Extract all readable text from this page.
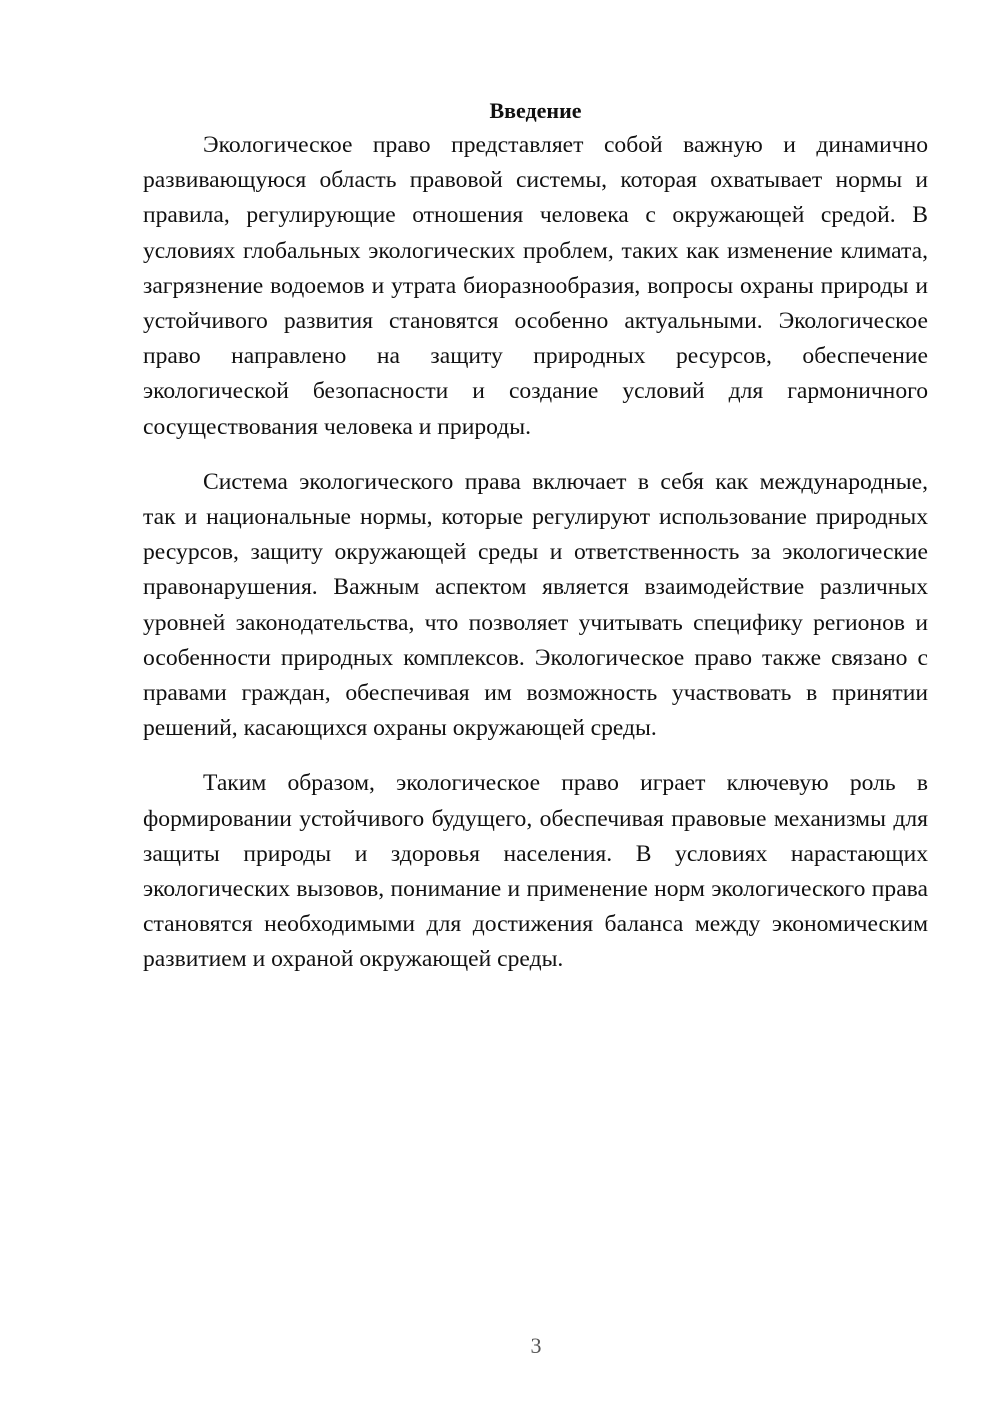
Введение

Экологическое право представляет собой важную и динамично развивающуюся область правовой системы, которая охватывает нормы и правила, регулирующие отношения человека с окружающей средой. В условиях глобальных экологических проблем, таких как изменение климата, загрязнение водоемов и утрата биоразнообразия, вопросы охраны природы и устойчивого развития становятся особенно актуальными. Экологическое право направлено на защиту природных ресурсов, обеспечение экологической безопасности и создание условий для гармоничного сосуществования человека и природы.

Система экологического права включает в себя как международные, так и национальные нормы, которые регулируют использование природных ресурсов, защиту окружающей среды и ответственность за экологические правонарушения. Важным аспектом является взаимодействие различных уровней законодательства, что позволяет учитывать специфику регионов и особенности природных комплексов. Экологическое право также связано с правами граждан, обеспечивая им возможность участвовать в принятии решений, касающихся охраны окружающей среды.

Таким образом, экологическое право играет ключевую роль в формировании устойчивого будущего, обеспечивая правовые механизмы для защиты природы и здоровья населения. В условиях нарастающих экологических вызовов, понимание и применение норм экологического права становятся необходимыми для достижения баланса между экономическим развитием и охраной окружающей среды.

3
